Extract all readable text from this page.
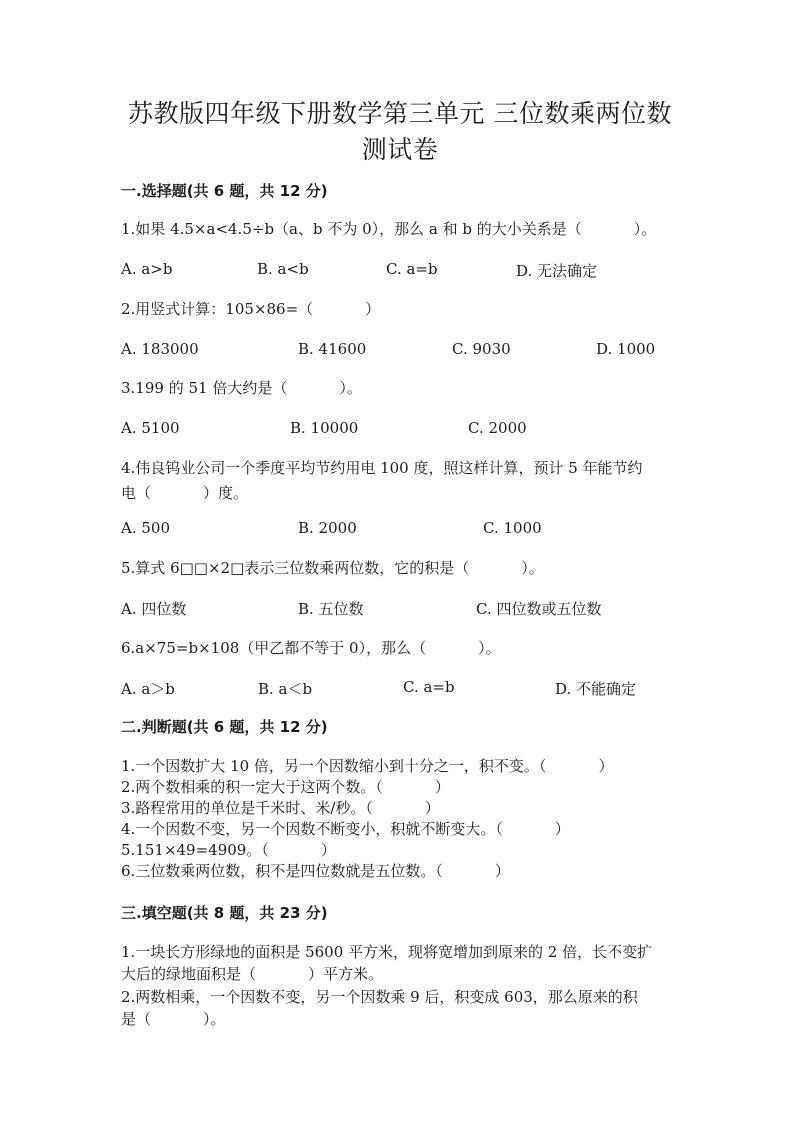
苏教版四年级下册数学第三单元 三位数乘两位数
测试卷
一.选择题(共 6 题，共 12 分)
1.如果 4.5×a<4.5÷b（a、b 不为 0），那么 a 和 b 的大小关系是（	）。
A. a>b	B. a<b	C. a=b	D. 无法确定
2.用竖式计算：105×86=（	）
A. 183000	B. 41600	C. 9030	D. 1000
3.199 的 51 倍大约是（	）。
A. 5100	B. 10000	C. 2000
4.伟良钨业公司一个季度平均节约用电 100 度，照这样计算，预计 5 年能节约
电（	）度。
A. 500	B. 2000	C. 1000
5.算式 6□□×2□表示三位数乘两位数，它的积是（	）。
A. 四位数	B. 五位数	C. 四位数或五位数
6.a×75=b×108（甲乙都不等于 0），那么（	）。
A. a＞b	B. a＜b	C. a=b	D. 不能确定
二.判断题(共 6 题，共 12 分)
1.一个因数扩大 10 倍，另一个因数缩小到十分之一，积不变。（	）
2.两个数相乘的积一定大于这两个数。（	）
3.路程常用的单位是千米时、米/秒。（	）
4.一个因数不变，另一个因数不断变小，积就不断变大。（	）
5.151×49=4909。（	）
6.三位数乘两位数，积不是四位数就是五位数。（	）
三.填空题(共 8 题，共 23 分)
1.一块长方形绿地的面积是 5600 平方米，现将宽增加到原来的 2 倍，长不变扩
大后的绿地面积是（	）平方米。
2.两数相乘，一个因数不变，另一个因数乘 9 后，积变成 603，那么原来的积
是（	）。
